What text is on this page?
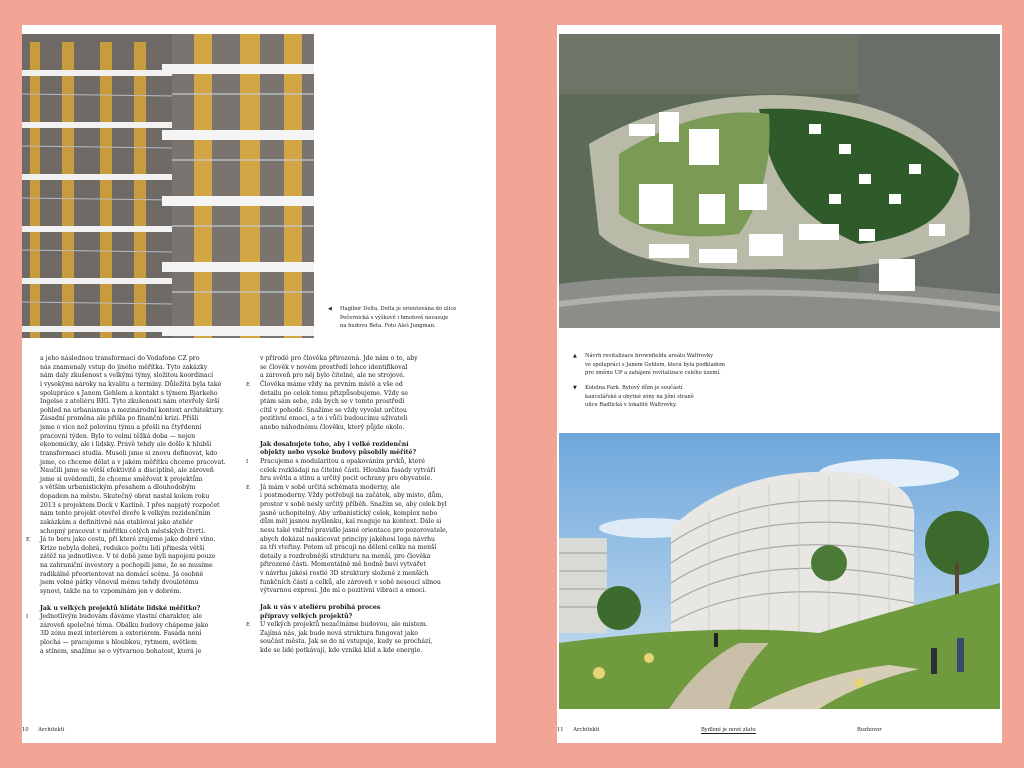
◀ Hagibor Delta. Delta je orientována do ulice
Počernická s výškově i hmotově navazuje
na budovu Beta. Foto Aleš Jungman.

a jeho následnou transformaci do Vodafone CZ pro

nás znamenaly vstup do jiného měřítka. Tyto zakázky

nám daly zkušenost s velkými týmy, složitou koordinací

i vysokými nároky na kvalitu a termíny. Důležitá byla také

spolupráce s Janem Gehlem a kontakt s týmem Bjarkeho

Ingelse z ateliéru BIG. Tyto zkušenosti nám otevřely širší

pohled na urbanismus a mezinárodní kontext architektury.

Zásadní proměna ale přišla po finanční krizi. Přišli

jsme o více než polovinu týmu a přešli na čtyřdenní

pracovní týden. Bylo to velmi těžká doba — nejen

ekonomicky, ale i lidsky. Právě tehdy ale došlo k hlubší

transformaci studia. Museli jsme si znovu definovat, kdo

jsme, co chceme dělat a v jakém měřítku chceme pracovat.

Naučili jsme se větší efektivitě a disciplíně, ale zároveň

jsme si uvědomili, že chceme směřovat k projektům

s větším urbanistickým přesahem a dlouhodobým

dopadem na město. Skutečný obrat nastal kolem roku

2013 s projektem Dock v Karlíně. I přes napjatý rozpočet

nám tento projekt otevřel dveře k velkým rezidenčním

zakázkám a definitivně nás etabloval jako ateliér

schopný pracovat v měřítku celých městských čtvrtí.

E Já to beru jako cestu, při které zrajeme jako dobré víno.

Krize nebyla dobrá, redukce počtu lidí přinesla větší

zátěž na jednotlivce. V té době jsme byli napojeni pouze

na zahraniční investory a pochopili jsme, že se musíme

radikálně přeorientovat na domácí scénu. Já osobně

jsem volné pátky věnoval mému tehdy dvouletému

synovi, takže na to vzpomínám jen v dobrém.

Jak u velkých projektů hlídáte lidské měřítko?

I Jednotlivým budovám dáváme vlastní charakter, ale

zároveň společné téma. Obálku budovy chápeme jako

3D zónu mezi interiérem a exteriérem. Fasáda není

plochá — pracujeme s hloubkou, rytmem, světlem

a stínem, snažíme se o výtvarnou bohatost, která je

v přírodě pro člověka přirozená. Jde nám o to, aby

se člověk v novém prostředí lehce identifikoval

a zároveň pro něj bylo čitelné, ale ne strojové.

E Člověka máme vždy na prvním místě a vše od

detailu po celek tomu přizpůsobujeme. Vždy se

ptám sám sebe, zda bych se v tomto prostředí

cítil v pohodě. Snažíme se vždy vyvolat určitou

pozitivní emoci, a to i vůči budoucímu uživateli

anebo náhodnému člověku, který půjde okolo.

Jak dosahujete toho, aby i velké rezidenční

objekty nebo vysoké budovy působily měřítě?

I Pracujeme s modularitou a opakováním prvků, které

celek rozkládají na čitelné části. Hloubka fasády vytváří

hru světla a stínu a určitý pocit ochrany pro obyvatele.

E Já mám v sobě určitá schémata moderny, ale

i postmoderny. Vždy potřebuji na začátek, aby místo, dům,

prostor v sobě nesly určitý příběh. Snažím se, aby celek byl

jasně uchopitelný. Aby urbanistický celek, komplex nebo

dům měl jasnou myšlenku, kai reaguje na kontext. Dále si

nesu také vnitřní pravidlo jasné orientace pro pozorovatele,

abych dokázal naskicovat principy jakéhosi loga návrhu

za tři vteřiny. Potom už pracuji na dělení celku na menší

detaily a rozdrobnější strukturu na menší, pro člověka

přirozené části. Momentálně mě hodně baví vytvářet

v návrhu jakési rostlé 3D struktury složené z menších

funkčních částí a celků, ale zároveň v sobě nesoucí silnou

výtvarnou expresi. Jde mi o pozitivní vibraci a emoci.

Jak u vás v ateliéru probíhá proces

přípravy velkých projektů?

E U velkých projektů nezačínáme budovou, ale místem.

Zajímá nás, jak bude nová struktura fungovat jako

součást města. Jak se do ní vstupuje, kudy se prochází,

kde se lidé potkávají, kde vzniká klid a kde energie.

10 Architekti
▲ Návrh revitalizace brownfieldu areálu Waltrovky
ve spolupráci s Janem Gehlem, která byla podkladem
pro změnu ÚP a zahájení revitalizace celého území.
▼ Kotelna Park. Bytový dům je součástí
kancelářské a obytné zóny na jižní straně
ulice Radlická v lokalitě Waltrovky.
11 Architekti	Bydlení je nové zlato	Rozhovor
